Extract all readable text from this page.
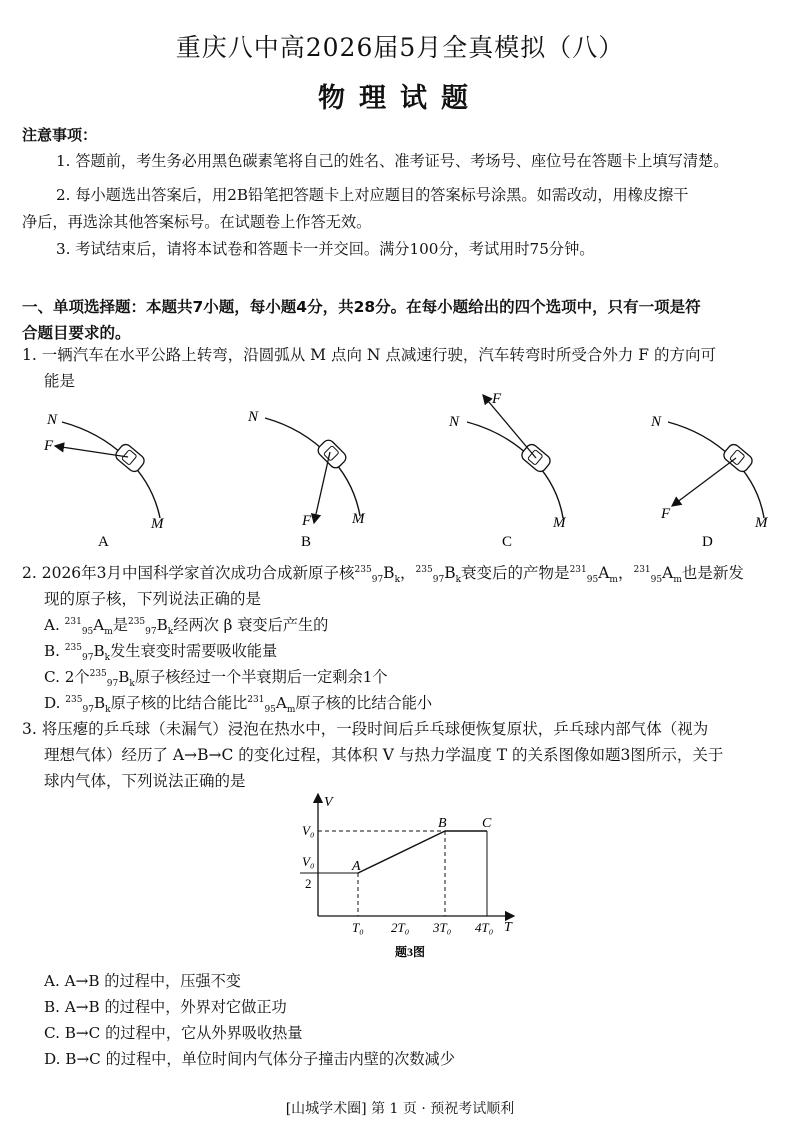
重庆八中高2026届5月全真模拟（八）
物理试题
注意事项：
1. 答题前，考生务必用黑色碳素笔将自己的姓名、准考证号、考场号、座位号在答题卡上填写清楚。
2. 每小题选出答案后，用2B铅笔把答题卡上对应题目的答案标号涂黑。如需改动，用橡皮擦干
净后，再选涂其他答案标号。在试题卷上作答无效。
3. 考试结束后，请将本试卷和答题卡一并交回。满分100分，考试用时75分钟。
一、单项选择题：本题共7小题，每小题4分，共28分。在每小题给出的四个选项中，只有一项是符
合题目要求的。
1. 一辆汽车在水平公路上转弯，沿圆弧从 M 点向 N 点减速行驶，汽车转弯时所受合外力 F 的方向可
能是
N
F
M
A
N
F	M
B
N
F
M
C
N
F
M
D
2. 2026年3月中国科学家首次成功合成新原子核$^{235}_{97}B_k$，$^{235}_{97}B_k$衰变后的产物是$^{231}_{95}A_m$，$^{231}_{95}A_m$也是新发
现的原子核，下列说法正确的是
A. $^{231}_{95}A_m$是$^{235}_{97}B_k$经两次 β 衰变后产生的
B. $^{235}_{97}B_k$发生衰变时需要吸收能量
C. 2个$^{235}_{97}B_k$原子核经过一个半衰期后一定剩余1个
D. $^{235}_{97}B_k$原子核的比结合能比$^{231}_{95}A_m$原子核的比结合能小
3. 将压瘪的乒乓球（未漏气）浸泡在热水中，一段时间后乒乓球便恢复原状，乒乓球内部气体（视为
理想气体）经历了 A→B→C 的变化过程，其体积 V 与热力学温度 T 的关系图像如题3图所示，关于
球内气体，下列说法正确的是
V
T
V₀
V₀
2
A
B	C
T₀ 2T₀ 3T₀ 4T₀
题3图
A. A→B 的过程中，压强不变
B. A→B 的过程中，外界对它做正功
C. B→C 的过程中，它从外界吸收热量
D. B→C 的过程中，单位时间内气体分子撞击内壁的次数减少
[山城学术圈] 第 1 页 · 预祝考试顺利
